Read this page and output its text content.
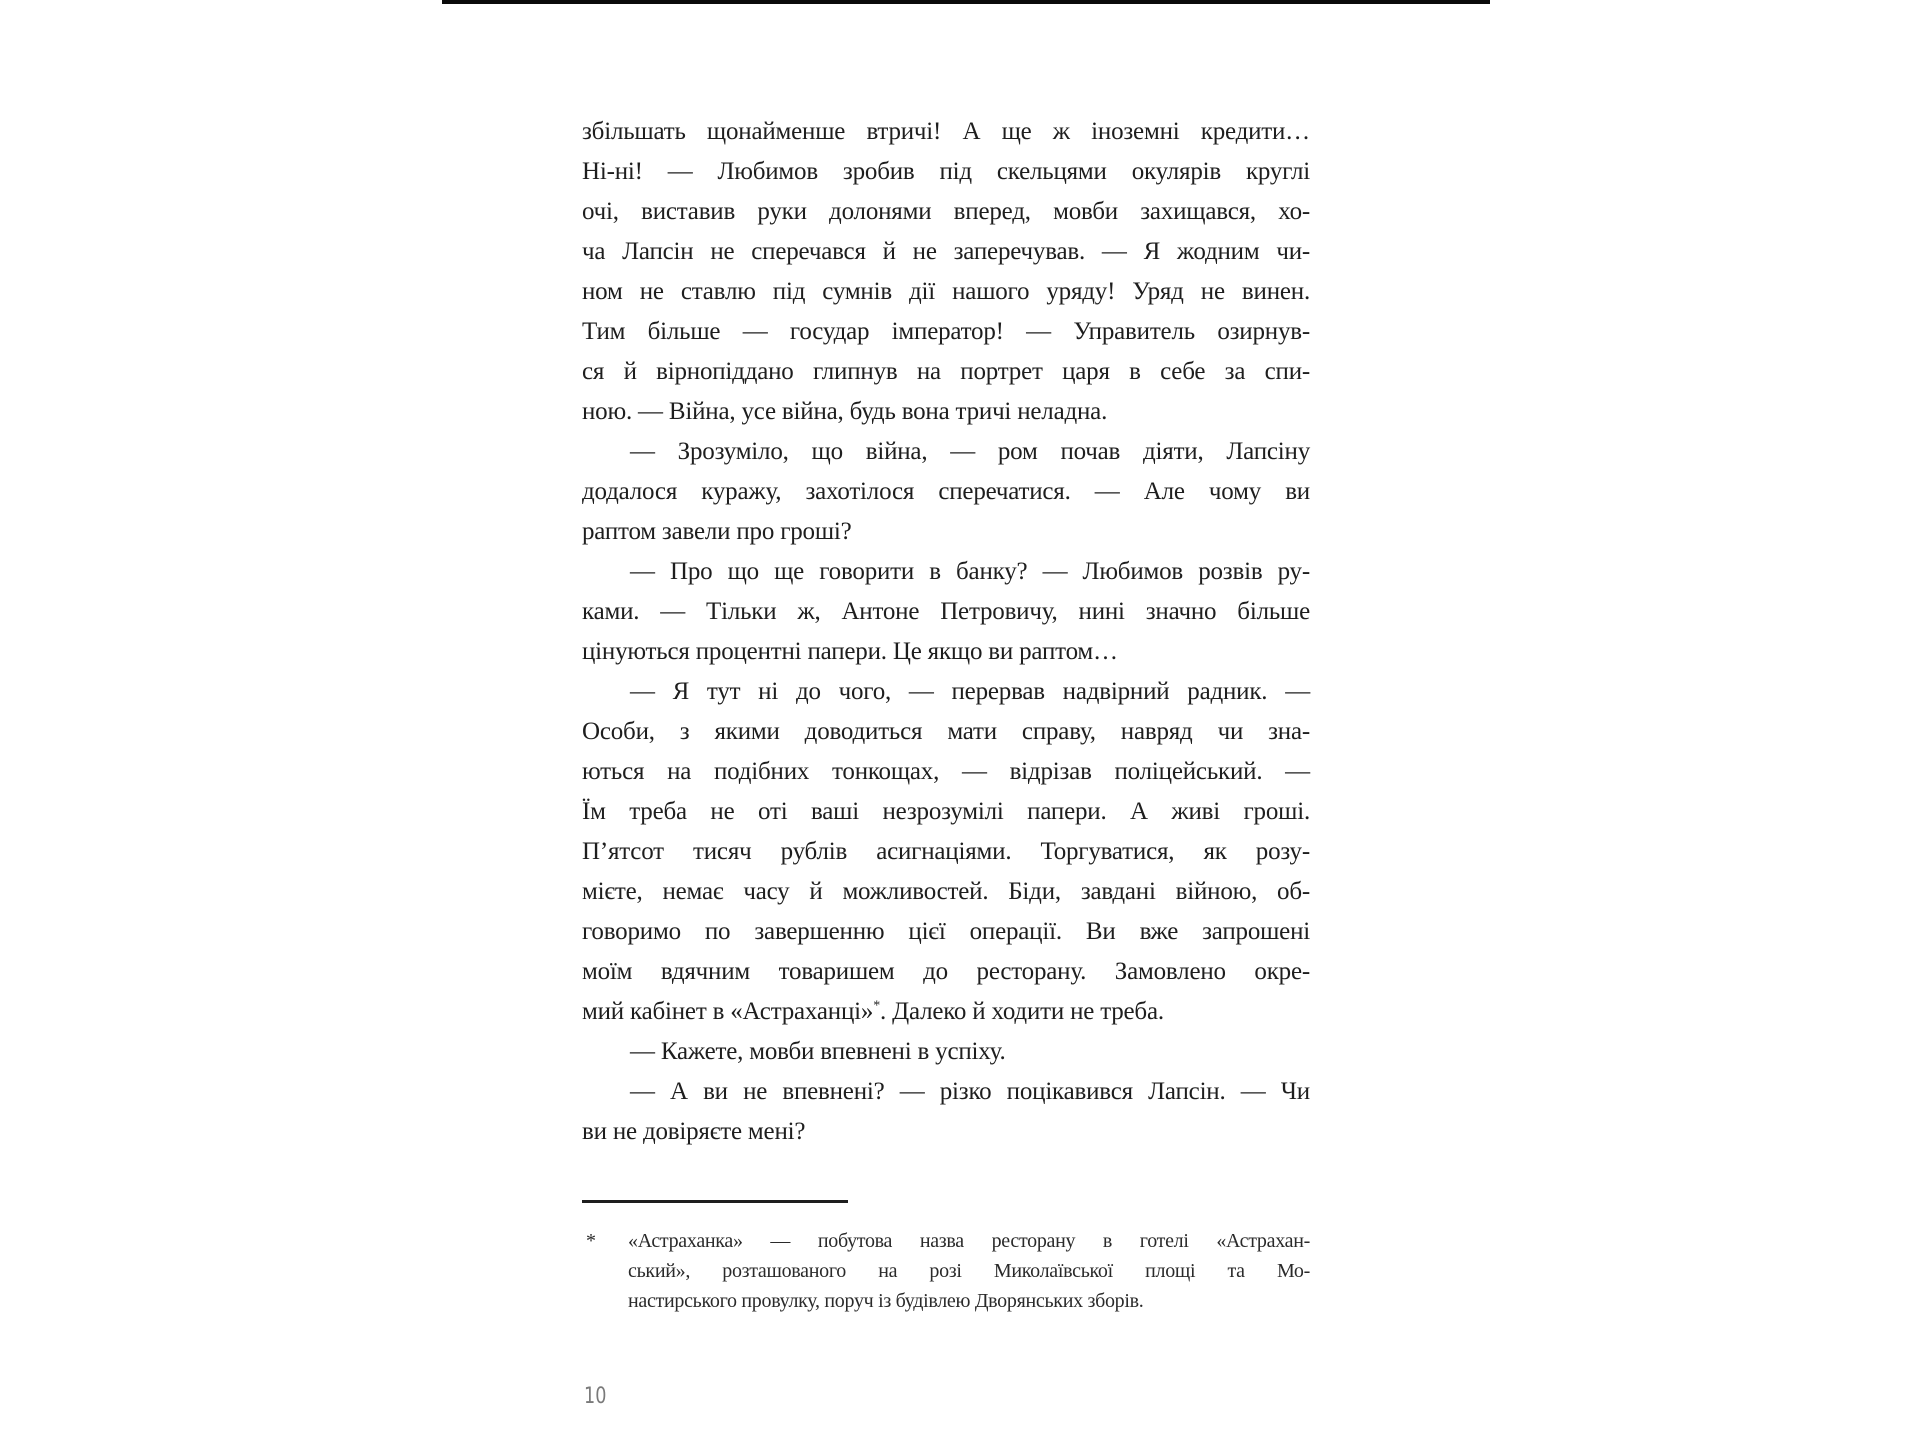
збільшать щонайменше втричі! А ще ж іноземні кредити…
Ні-ні! — Любимов зробив під скельцями окулярів круглі
очі, виставив руки долонями вперед, мовби захищався, хо-
ча Лапсін не сперечався й не заперечував. — Я жодним чи-
ном не ставлю під сумнів дії нашого уряду! Уряд не винен.
Тим більше — государ імператор! — Управитель озирнув-
ся й вірнопіддано глипнув на портрет царя в себе за спи-
ною. — Війна, усе війна, будь вона тричі неладна.
— Зрозуміло, що війна, — ром почав діяти, Лапсіну
додалося куражу, захотілося сперечатися. — Але чому ви
раптом завели про гроші?
— Про що ще говорити в банку? — Любимов розвів ру-
ками. — Тільки ж, Антоне Петровичу, нині значно більше
цінуються процентні папери. Це якщо ви раптом…
— Я тут ні до чого, — перервав надвірний радник. —
Особи, з якими доводиться мати справу, навряд чи зна-
ються на подібних тонкощах, — відрізав поліцейський. —
Їм треба не оті ваші незрозумілі папери. А живі гроші.
П’ятсот тисяч рублів асигнаціями. Торгуватися, як розу-
мієте, немає часу й можливостей. Біди, завдані війною, об-
говоримо по завершенню цієї операції. Ви вже запрошені
моїм вдячним товаришем до ресторану. Замовлено окре-
мий кабінет в «Астраханці»*. Далеко й ходити не треба.
— Кажете, мовби впевнені в успіху.
— А ви не впевнені? — різко поцікавився Лапсін. — Чи
ви не довіряєте мені?
*	«Астраханка» — побутова назва ресторану в готелі «Астрахан-
ський», розташованого на розі Миколаївської площі та Мо-
настирського провулку, поруч із будівлею Дворянських зборів.
10
